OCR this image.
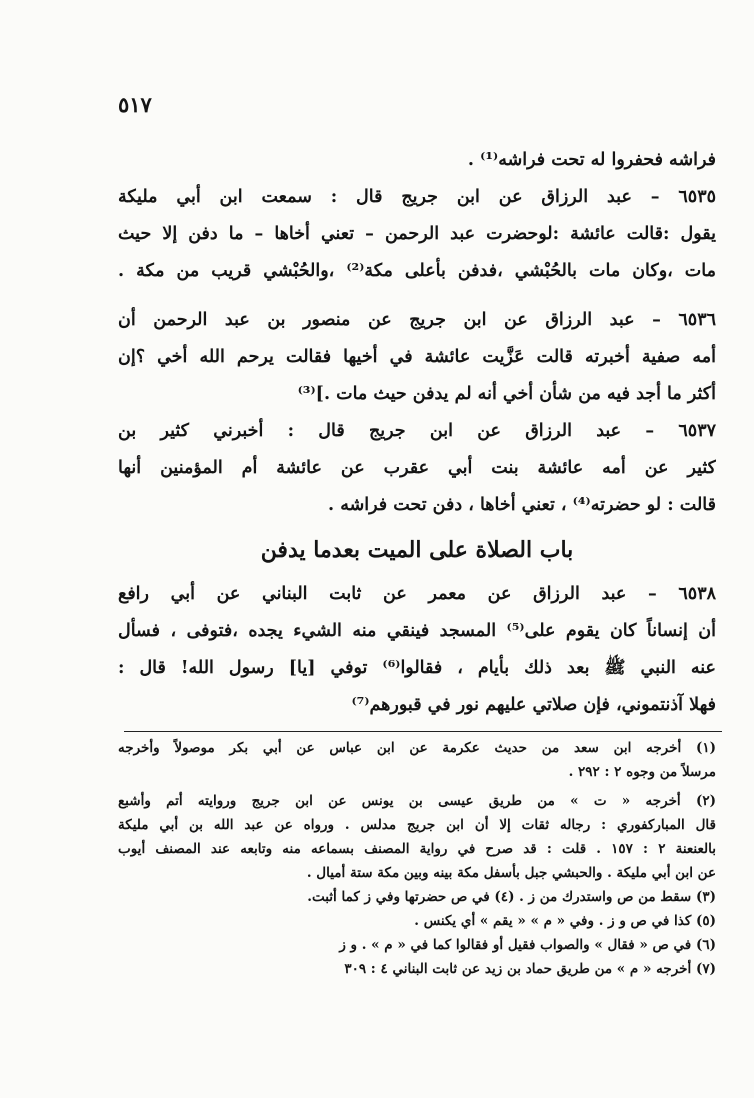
٥١٧
فراشه فحفروا له تحت فراشه⁽¹⁾ .
٦٥٣٥ – عبد الرزاق عن ابن جريج قال : سمعت ابن أبي مليكة
يقول :قالت عائشة :لوحضرت عبد الرحمن – تعني أخاها – ما دفن إلا حيث
مات ،وكان مات بالحُبْشي ،فدفن بأعلى مكة⁽²⁾ ،والحُبْشي قريب من مكة .
٦٥٣٦ – عبد الرزاق عن ابن جريج عن منصور بن عبد الرحمن أن
أمه صفية أخبرته قالت عَزَّيت عائشة في أخيها فقالت يرحم الله أخي ؟إن
أكثر ما أجد فيه من شأن أخي أنه لم يدفن حيث مات .]⁽³⁾
٦٥٣٧ – عبد الرزاق عن ابن جريج قال : أخبرني كثير بن
كثير عن أمه عائشة بنت أبي عقرب عن عائشة أم المؤمنين أنها
قالت : لو حضرته⁽⁴⁾ ، تعني أخاها ، دفن تحت فراشه .
باب الصلاة على الميت بعدما يدفن
٦٥٣٨ – عبد الرزاق عن معمر عن ثابت البناني عن أبي رافع
أن إنساناً كان يقوم على⁽⁵⁾ المسجد فينقي منه الشيء يجده ،فتوفى ، فسأل
عنه النبي ﷺ بعد ذلك بأيام ، فقالوا⁽⁶⁾ توفي [يا] رسول الله! قال :
فهلا آذنتموني، فإن صلاتي عليهم نور في قبورهم⁽⁷⁾
(١) أخرجه ابن سعد من حديث عكرمة عن ابن عباس عن أبي بكر موصولاً وأخرجه
مرسلاً من وجوه ٢ : ٢٩٢ .
(٢) أخرجه « ت » من طريق عيسى بن يونس عن ابن جريج وروايته أتم وأشبع
قال المباركفوري : رجاله ثقات إلا أن ابن جريج مدلس . ورواه عن عبد الله بن أبي مليكة
بالعنعنة ٢ : ١٥٧ . قلت : قد صرح في رواية المصنف بسماعه منه وتابعه عند المصنف أيوب
عن ابن أبي مليكة . والحبشي جبل بأسفل مكة بينه وبين مكة ستة أميال .
(٣) سقط من ص واستدرك من ز . (٤) في ص حضرتها وفي ز كما أثبت.
(٥) كذا في ص و ز . وفي « م » « يقم » أي يكنس .
(٦) في ص « فقال » والصواب فقيل أو فقالوا كما في « م » . و ز
(٧) أخرجه « م » من طريق حماد بن زيد عن ثابت البناني ٤ : ٣٠٩
